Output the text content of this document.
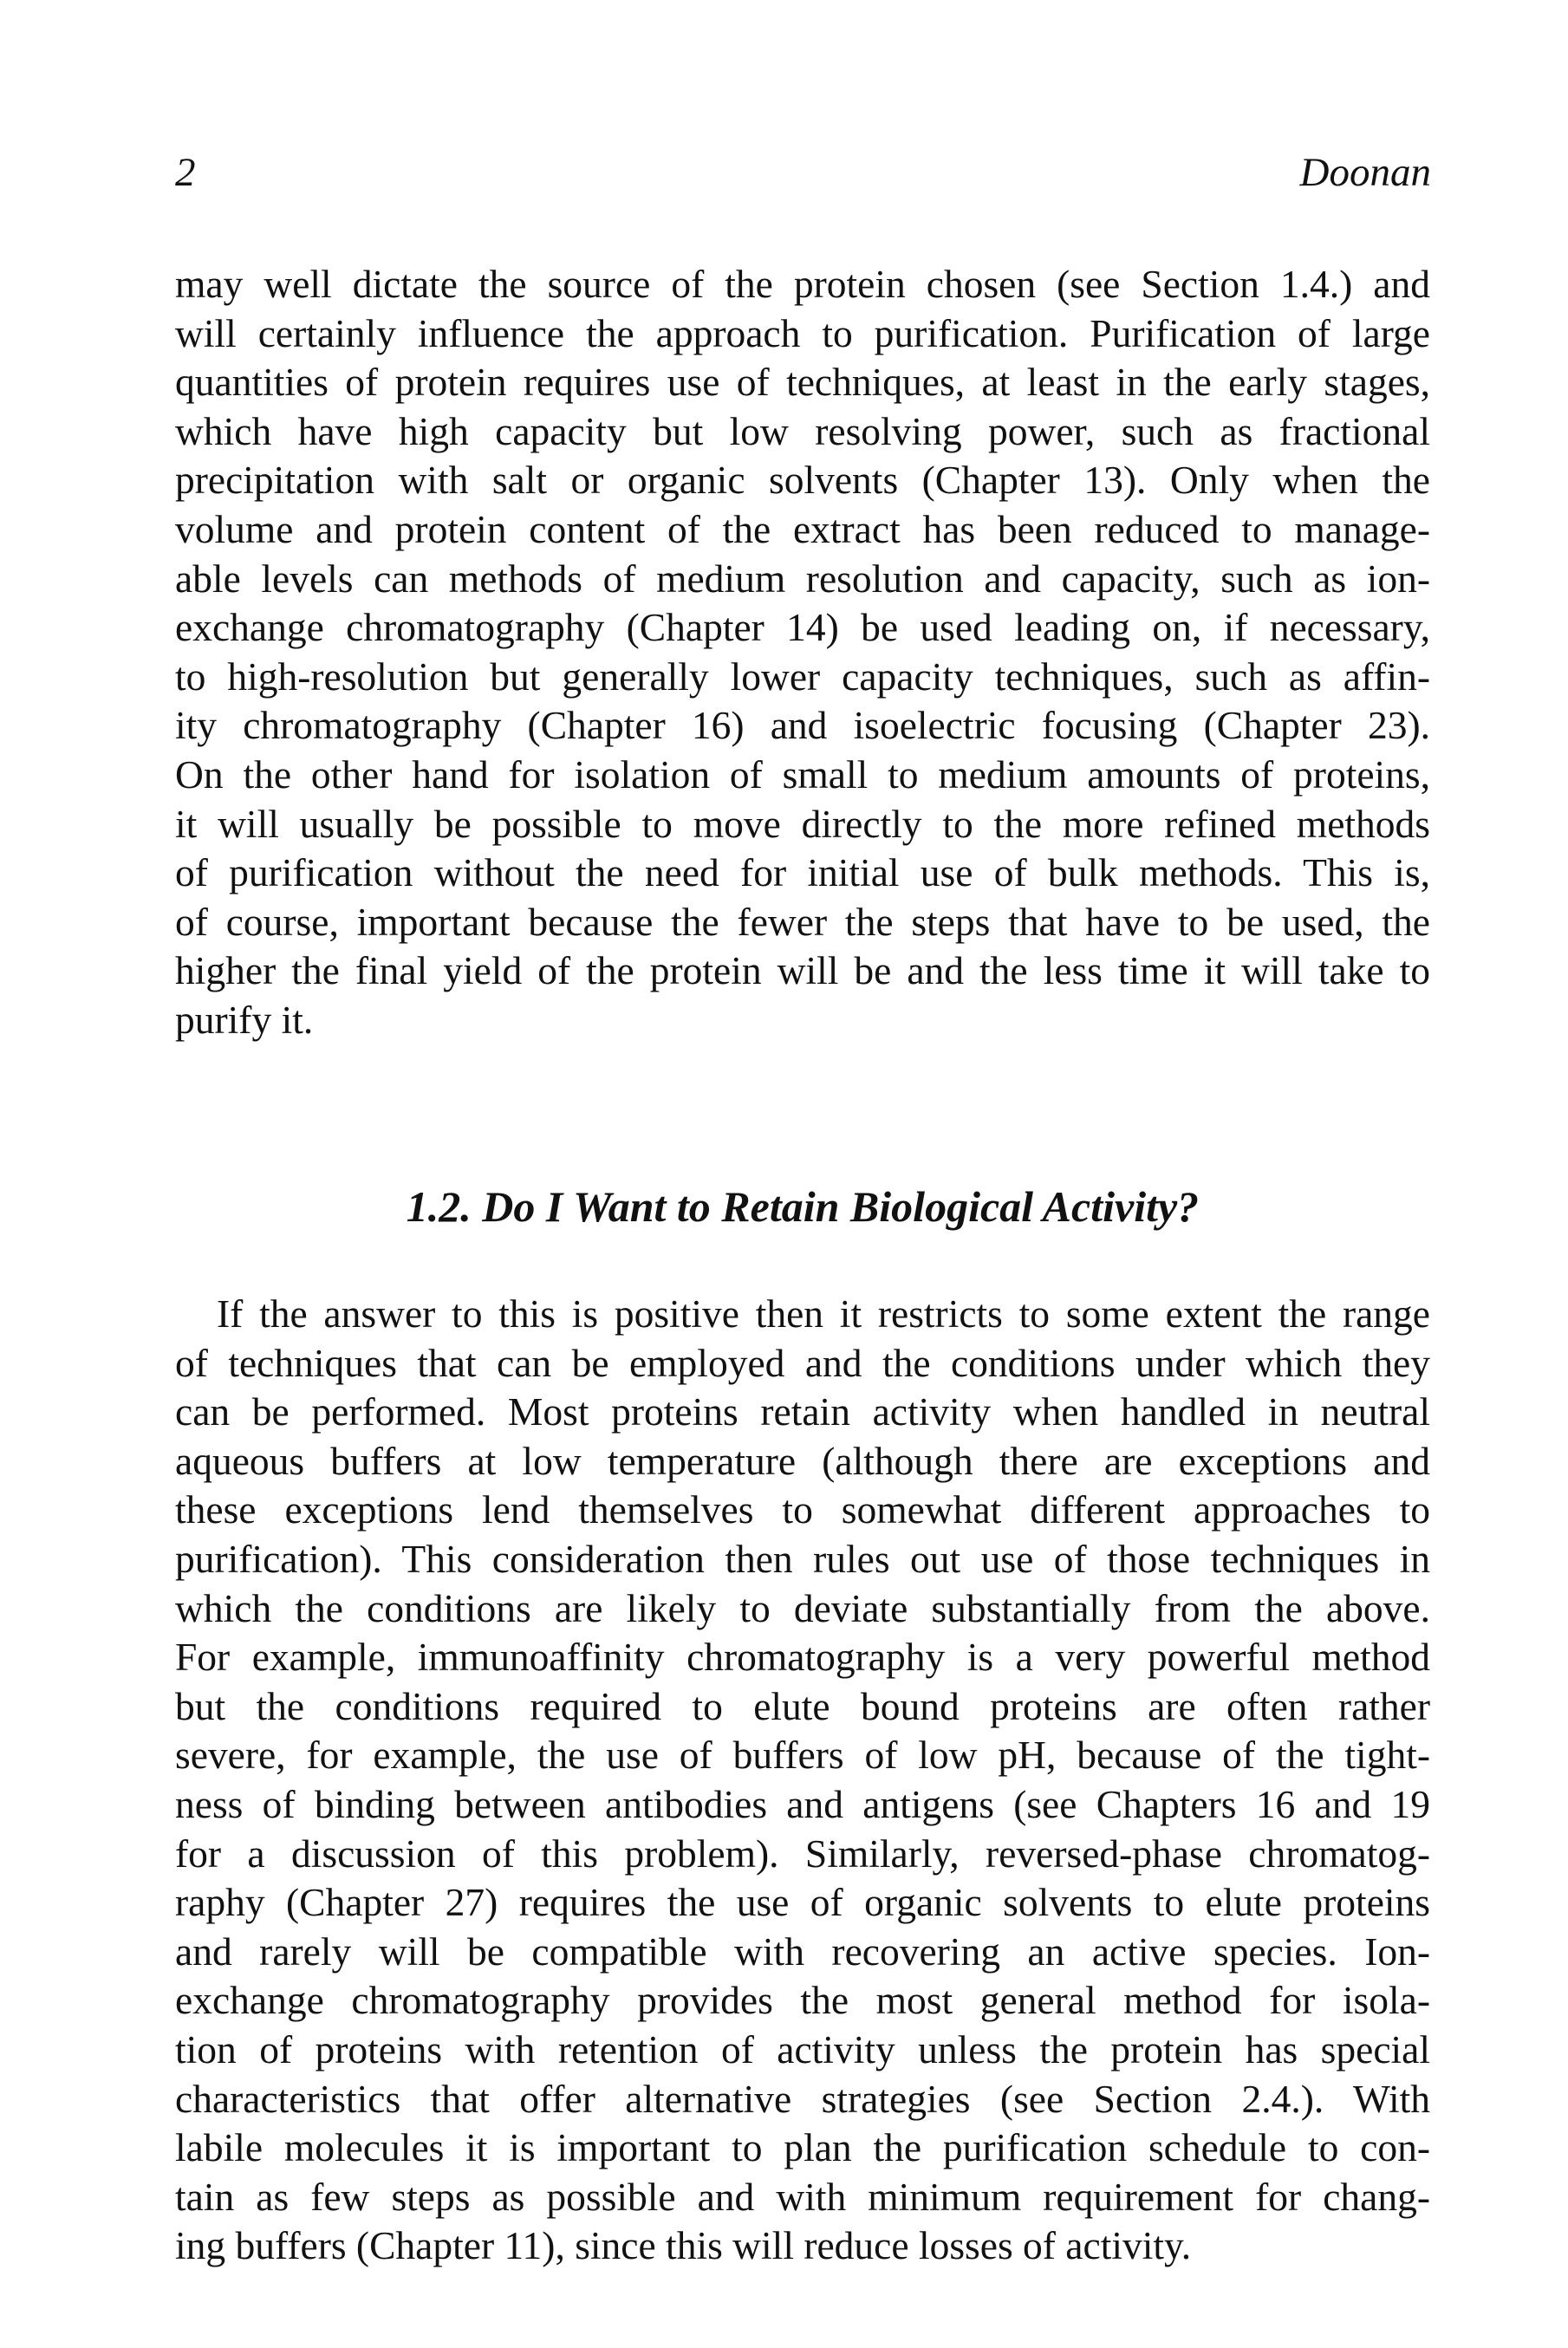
2	Doonan
may well dictate the source of the protein chosen (see Section 1.4.) and
will certainly influence the approach to purification. Purification of large
quantities of protein requires use of techniques, at least in the early stages,
which have high capacity but low resolving power, such as fractional
precipitation with salt or organic solvents (Chapter 13). Only when the
volume and protein content of the extract has been reduced to manage-
able levels can methods of medium resolution and capacity, such as ion-
exchange chromatography (Chapter 14) be used leading on, if necessary,
to high-resolution but generally lower capacity techniques, such as affin-
ity chromatography (Chapter 16) and isoelectric focusing (Chapter 23).
On the other hand for isolation of small to medium amounts of proteins,
it will usually be possible to move directly to the more refined methods
of purification without the need for initial use of bulk methods. This is,
of course, important because the fewer the steps that have to be used, the
higher the final yield of the protein will be and the less time it will take to
purify it.
1.2. Do I Want to Retain Biological Activity?
If the answer to this is positive then it restricts to some extent the range
of techniques that can be employed and the conditions under which they
can be performed. Most proteins retain activity when handled in neutral
aqueous buffers at low temperature (although there are exceptions and
these exceptions lend themselves to somewhat different approaches to
purification). This consideration then rules out use of those techniques in
which the conditions are likely to deviate substantially from the above.
For example, immunoaffinity chromatography is a very powerful method
but the conditions required to elute bound proteins are often rather
severe, for example, the use of buffers of low pH, because of the tight-
ness of binding between antibodies and antigens (see Chapters 16 and 19
for a discussion of this problem). Similarly, reversed-phase chromatog-
raphy (Chapter 27) requires the use of organic solvents to elute proteins
and rarely will be compatible with recovering an active species. Ion-
exchange chromatography provides the most general method for isola-
tion of proteins with retention of activity unless the protein has special
characteristics that offer alternative strategies (see Section 2.4.). With
labile molecules it is important to plan the purification schedule to con-
tain as few steps as possible and with minimum requirement for chang-
ing buffers (Chapter 11), since this will reduce losses of activity.
